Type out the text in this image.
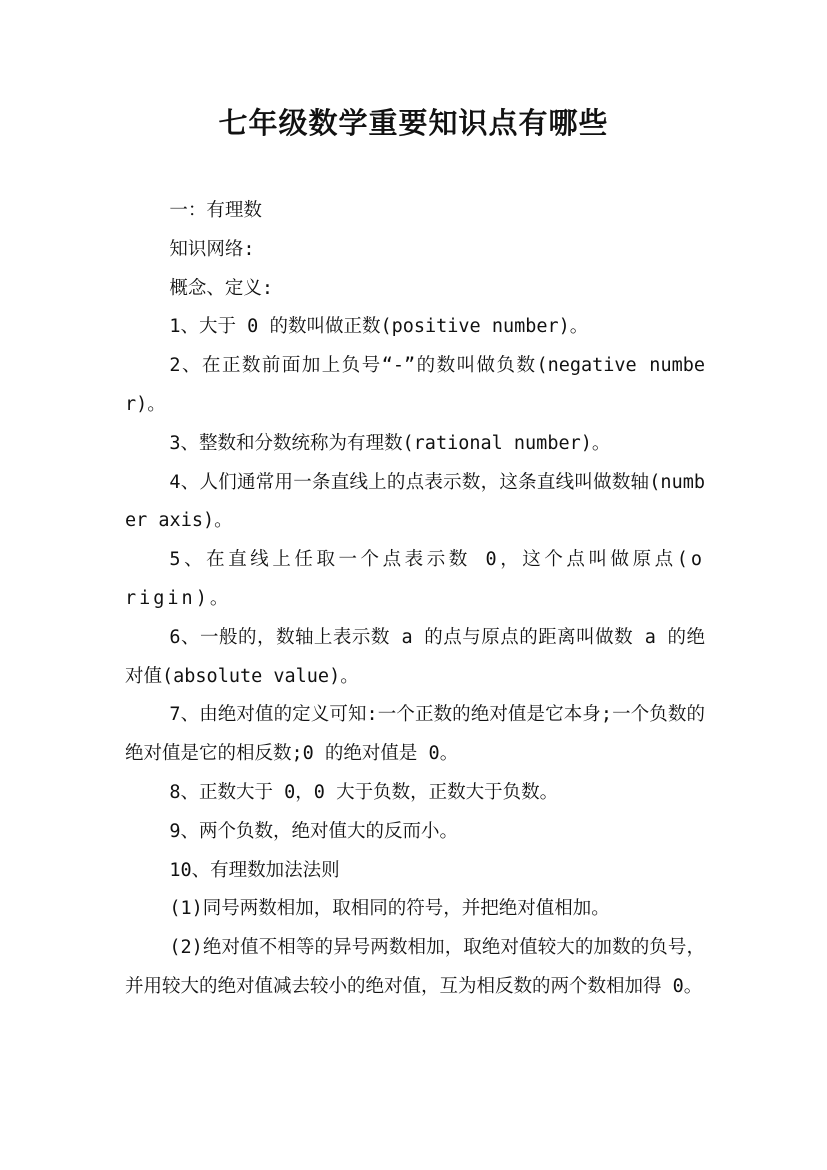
七年级数学重要知识点有哪些

一：有理数

知识网络:

概念、定义:

1、大于 0 的数叫做正数(positive number)。

2、在正数前面加上负号“-”的数叫做负数(negative number)。

3、整数和分数统称为有理数(rational number)。

4、人们通常用一条直线上的点表示数，这条直线叫做数轴(number axis)。

5、在直线上任取一个点表示数 0，这个点叫做原点(origin)。

6、一般的，数轴上表示数 a 的点与原点的距离叫做数 a 的绝对值(absolute value)。

7、由绝对值的定义可知:一个正数的绝对值是它本身;一个负数的绝对值是它的相反数;0 的绝对值是 0。

8、正数大于 0，0 大于负数，正数大于负数。

9、两个负数，绝对值大的反而小。

10、有理数加法法则

(1)同号两数相加，取相同的符号，并把绝对值相加。

(2)绝对值不相等的异号两数相加，取绝对值较大的加数的负号，并用较大的绝对值减去较小的绝对值，互为相反数的两个数相加得 0。
